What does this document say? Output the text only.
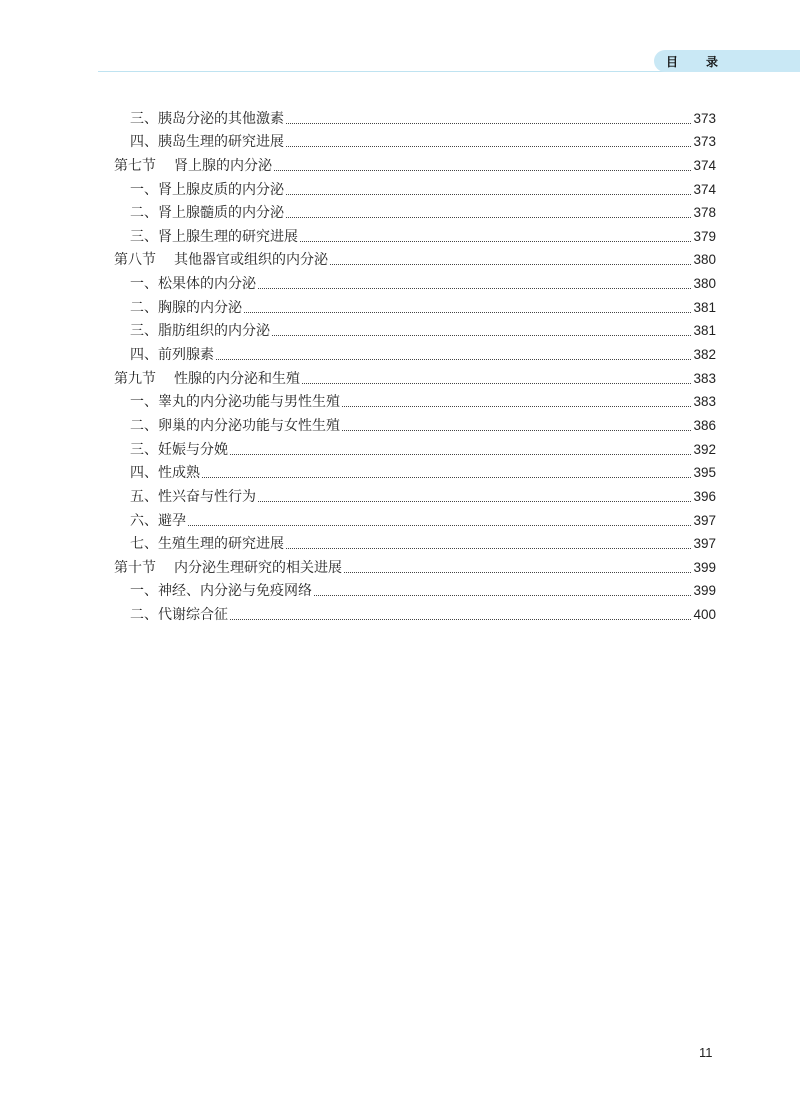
目 录
三、胰岛分泌的其他激素	373
四、胰岛生理的研究进展	373
第七节 肾上腺的内分泌	374
一、肾上腺皮质的内分泌	374
二、肾上腺髓质的内分泌	378
三、肾上腺生理的研究进展	379
第八节 其他器官或组织的内分泌	380
一、松果体的内分泌	380
二、胸腺的内分泌	381
三、脂肪组织的内分泌	381
四、前列腺素	382
第九节 性腺的内分泌和生殖	383
一、睾丸的内分泌功能与男性生殖	383
二、卵巢的内分泌功能与女性生殖	386
三、妊娠与分娩	392
四、性成熟	395
五、性兴奋与性行为	396
六、避孕	397
七、生殖生理的研究进展	397
第十节 内分泌生理研究的相关进展	399
一、神经、内分泌与免疫网络	399
二、代谢综合征	400
11
